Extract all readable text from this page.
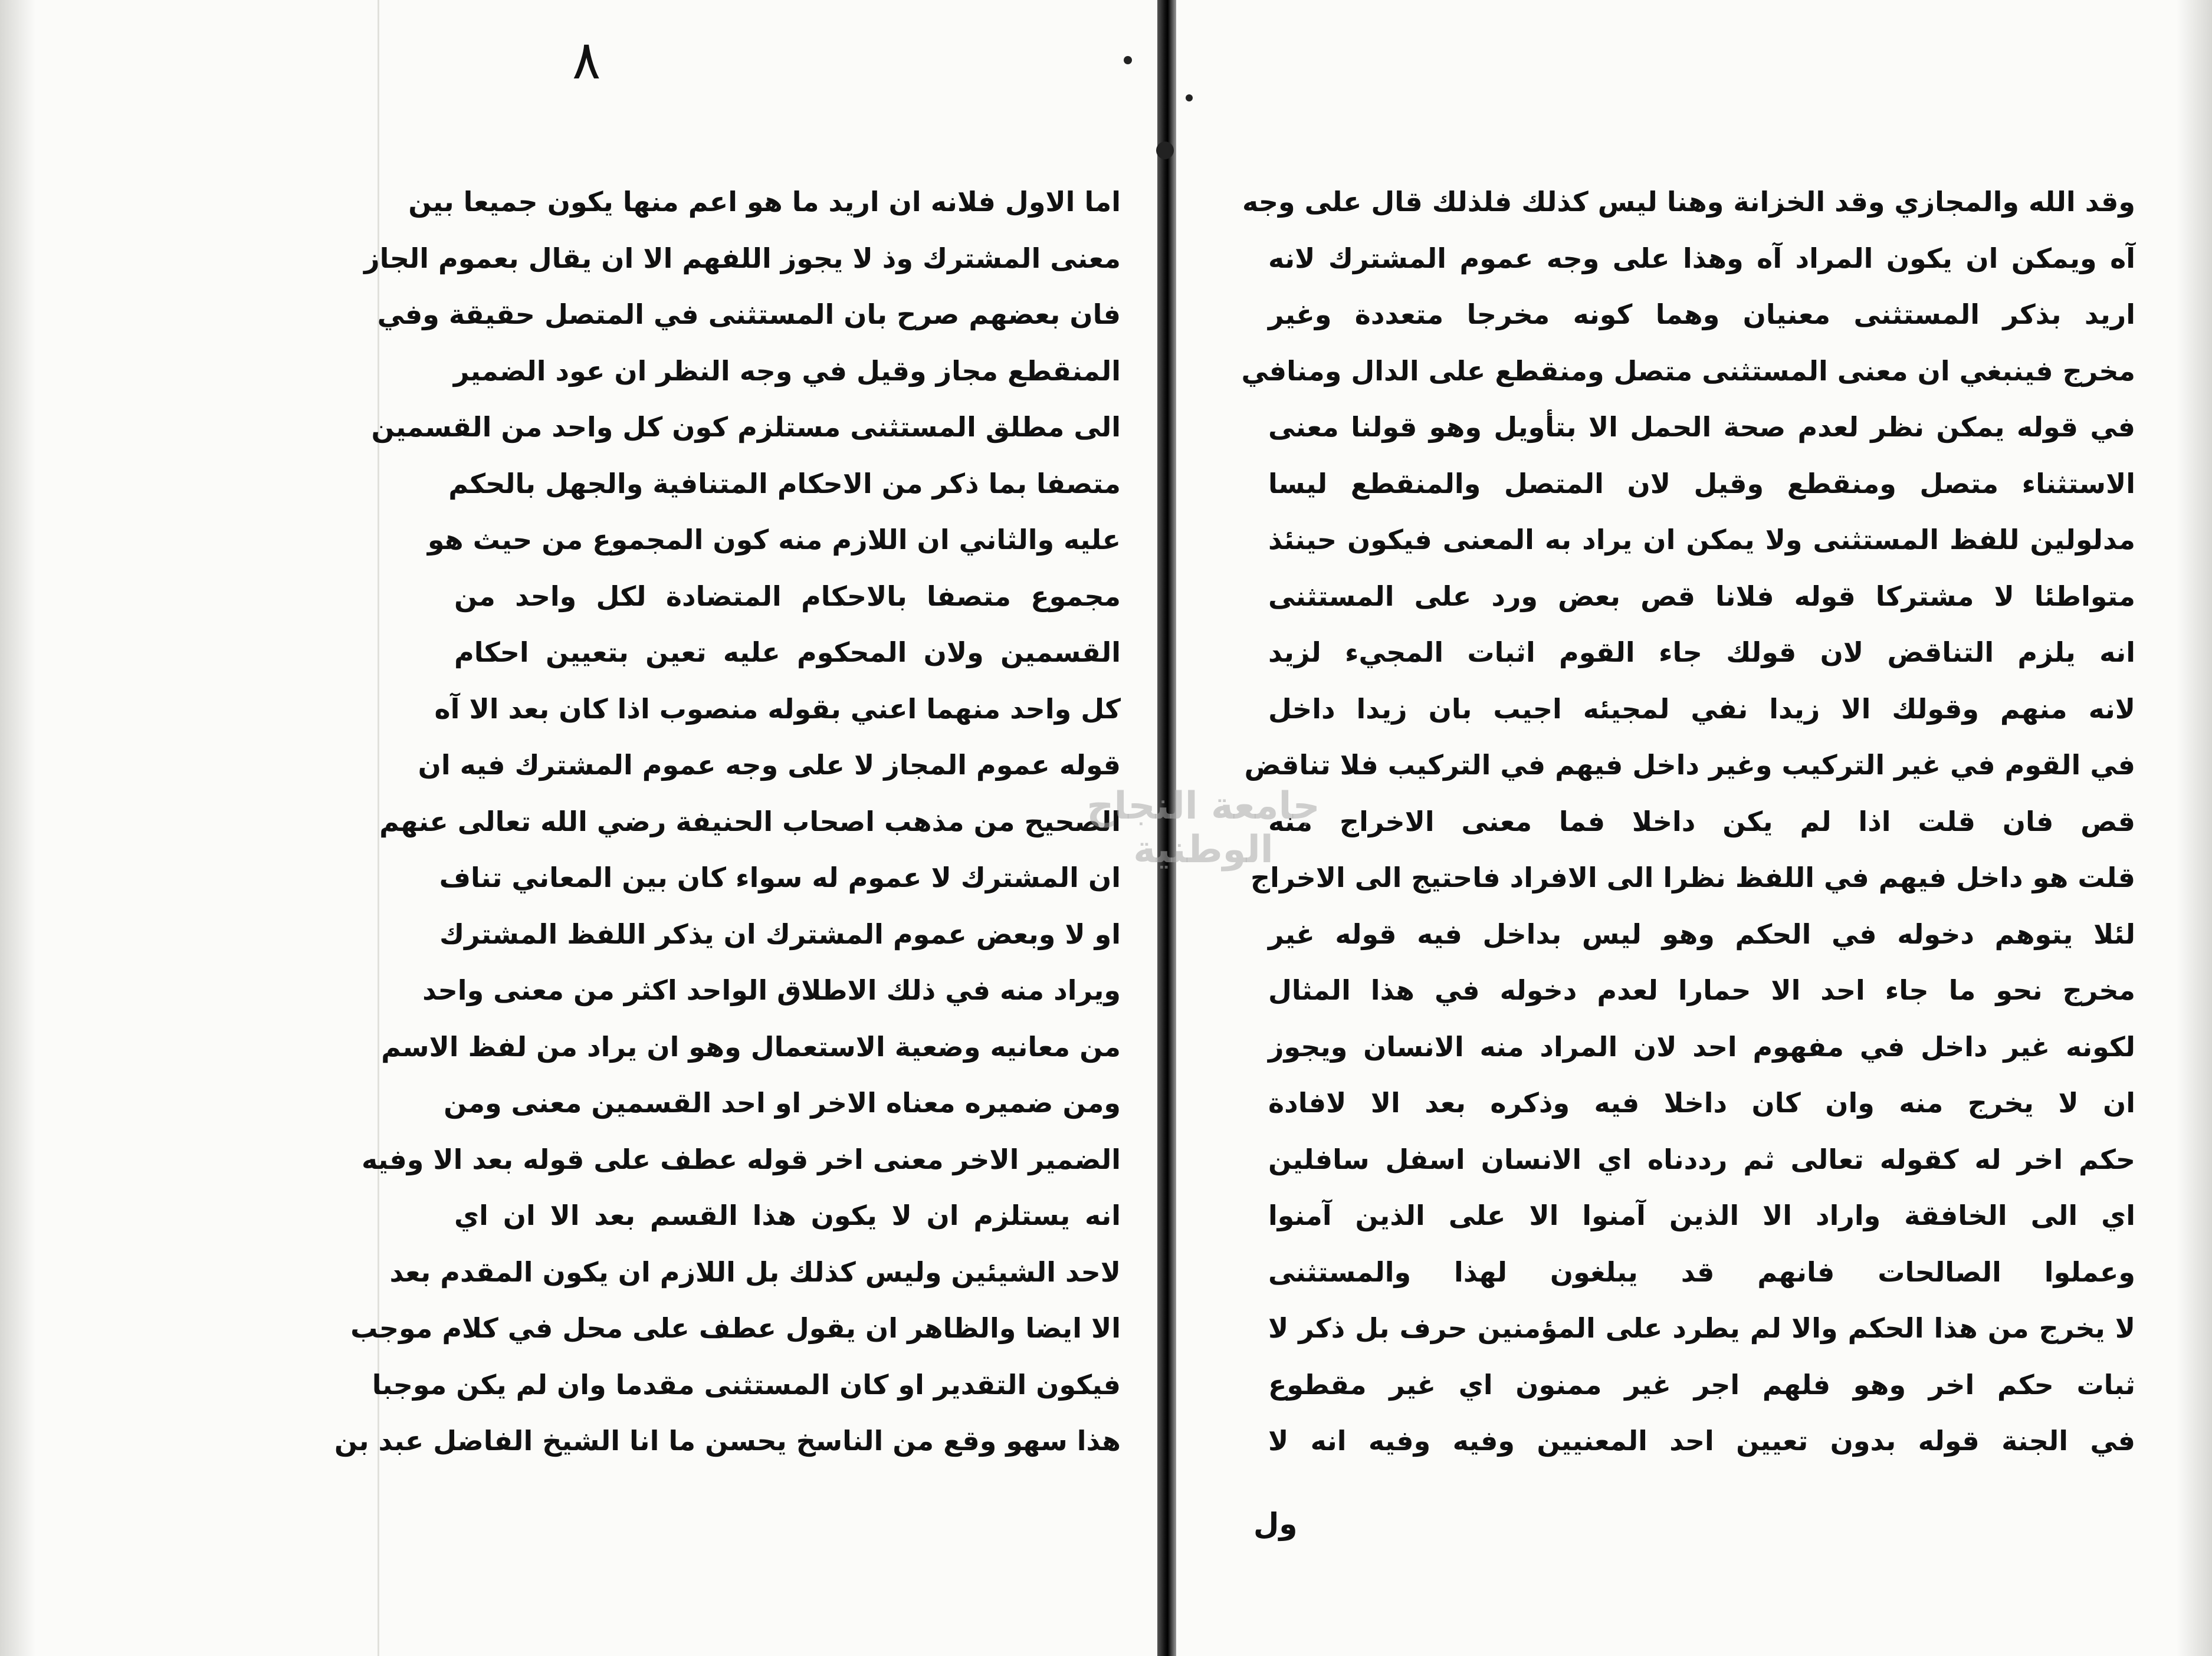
٨
اما الاول فلانه ان اريد ما هو اعم منها يكون جميعا بين
معنى المشترك وذ لا يجوز اللفهم الا ان يقال بعموم الجاز
فان بعضهم صرح بان المستثنى في المتصل حقيقة وفي
المنقطع مجاز وقيل في وجه النظر ان عود الضمير
الى مطلق المستثنى مستلزم كون كل واحد من القسمين
متصفا بما ذكر من الاحكام المتنافية والجهل بالحكم
عليه والثاني ان اللازم منه كون المجموع من حيث هو
مجموع متصفا بالاحكام المتضادة لكل واحد من
القسمين ولان المحكوم عليه تعين بتعيين احكام
كل واحد منهما اعني بقوله منصوب اذا كان بعد الا آه
قوله عموم المجاز لا على وجه عموم المشترك فيه ان
الصحيح من مذهب اصحاب الحنيفة رضي الله تعالى عنهم
ان المشترك لا عموم له سواء كان بين المعاني تناف
او لا وبعض عموم المشترك ان يذكر اللفظ المشترك
ويراد منه في ذلك الاطلاق الواحد اكثر من معنى واحد
من معانيه وضعية الاستعمال وهو ان يراد من لفظ الاسم
ومن ضميره معناه الاخر او احد القسمين معنى ومن
الضمير الاخر معنى اخر قوله عطف على قوله بعد الا وفيه
انه يستلزم ان لا يكون هذا القسم بعد الا ان اي
لاحد الشيئين وليس كذلك بل اللازم ان يكون المقدم بعد
الا ايضا والظاهر ان يقول عطف على محل في كلام موجب
فيكون التقدير او كان المستثنى مقدما وان لم يكن موجبا
هذا سهو وقع من الناسخ يحسن ما انا الشيخ الفاضل عبد بن
وقد الله والمجازي وقد الخزانة وهنا ليس كذلك فلذلك قال على وجه
آه ويمكن ان يكون المراد آه وهذا على وجه عموم المشترك لانه
اريد بذكر المستثنى معنيان وهما كونه مخرجا متعددة وغير
مخرج فينبغي ان معنى المستثنى متصل ومنقطع على الدال ومنافي
في قوله يمكن نظر لعدم صحة الحمل الا بتأويل وهو قولنا معنى
الاستثناء متصل ومنقطع وقيل لان المتصل والمنقطع ليسا
مدلولين للفظ المستثنى ولا يمكن ان يراد به المعنى فيكون حينئذ
متواطئا لا مشتركا قوله فلانا قص بعض ورد على المستثنى
انه يلزم التناقض لان قولك جاء القوم اثبات المجيء لزيد
لانه منهم وقولك الا زيدا نفي لمجيئه اجيب بان زيدا داخل
في القوم في غير التركيب وغير داخل فيهم في التركيب فلا تناقض
قص فان قلت اذا لم يكن داخلا فما معنى الاخراج منه
قلت هو داخل فيهم في اللفظ نظرا الى الافراد فاحتيج الى الاخراج
لئلا يتوهم دخوله في الحكم وهو ليس بداخل فيه قوله غير
مخرج نحو ما جاء احد الا حمارا لعدم دخوله في هذا المثال
لكونه غير داخل في مفهوم احد لان المراد منه الانسان ويجوز
ان لا يخرج منه وان كان داخلا فيه وذكره بعد الا لافادة
حكم اخر له كقوله تعالى ثم رددناه اي الانسان اسفل سافلين
اي الى الخافقة واراد الا الذين آمنوا الا على الذين آمنوا
وعملوا الصالحات فانهم قد يبلغون لهذا والمستثنى
لا يخرج من هذا الحكم والا لم يطرد على المؤمنين حرف بل ذكر لا
ثبات حكم اخر وهو فلهم اجر غير ممنون اي غير مقطوع
في الجنة قوله بدون تعيين احد المعنيين وفيه وفيه انه لا
جامعة النجاح الوطنية
ول
